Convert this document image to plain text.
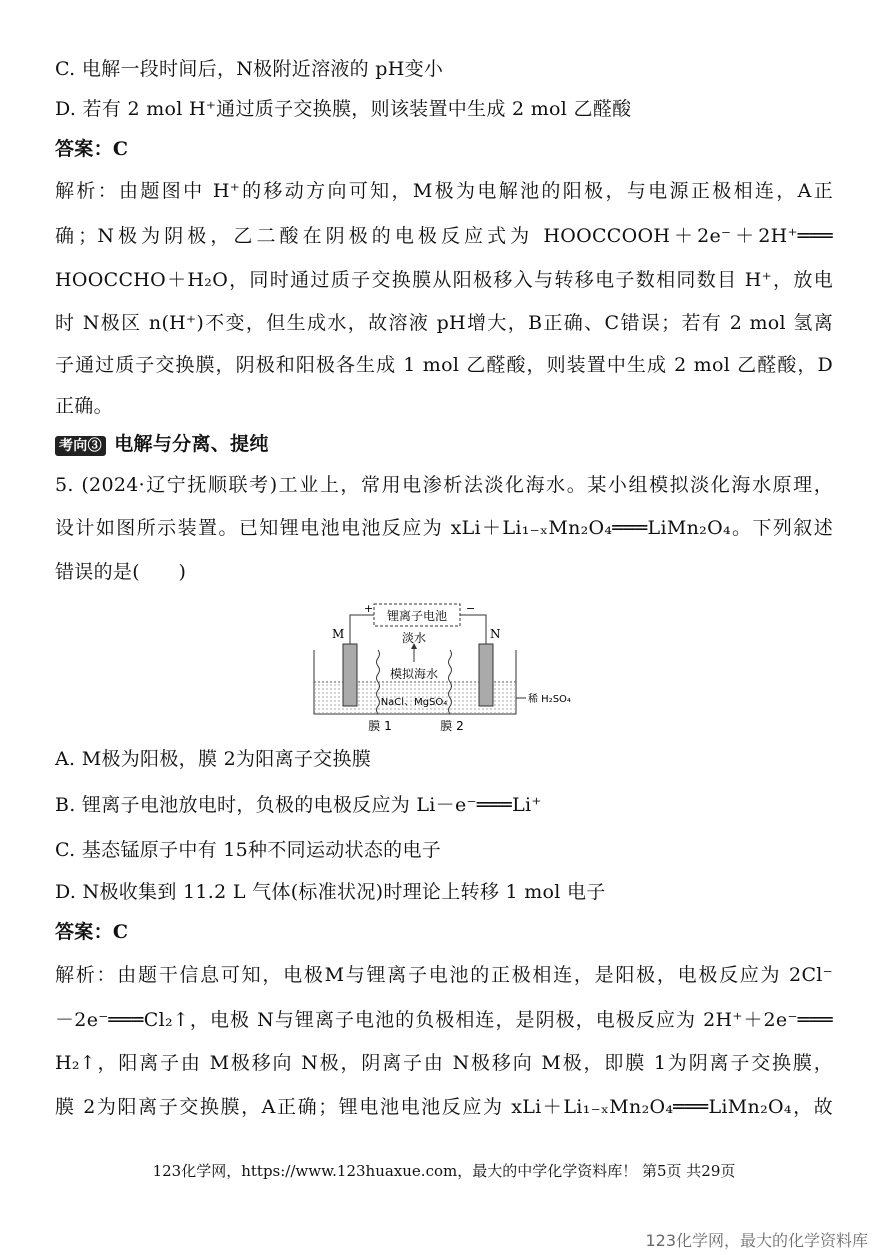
C. 电解一段时间后，N极附近溶液的 pH变小
D. 若有 2 mol H⁺通过质子交换膜，则该装置中生成 2 mol 乙醛酸
答案：C
解析：由题图中 H⁺的移动方向可知，M极为电解池的阳极，与电源正极相连，A正
确；N极为阴极，乙二酸在阴极的电极反应式为 HOOCCOOH＋2e⁻＋2H⁺═══
HOOCCHO＋H₂O，同时通过质子交换膜从阳极移入与转移电子数相同数目 H⁺，放电
时 N极区 n(H⁺)不变，但生成水，故溶液 pH增大，B正确、C错误；若有 2 mol 氢离
子通过质子交换膜，阴极和阳极各生成 1 mol 乙醛酸，则装置中生成 2 mol 乙醛酸，D
正确。
考向③ 电解与分离、提纯
5. (2024·辽宁抚顺联考)工业上，常用电渗析法淡化海水。某小组模拟淡化海水原理，
设计如图所示装置。已知锂电池电池反应为 xLi＋Li₁₋ₓMn₂O₄═══LiMn₂O₄。下列叙述
错误的是(　　)
锂离子电池
+	−
M	N
淡水
模拟海水
NaCl、MgSO₄	稀 H₂SO₄
膜 1	膜 2
A. M极为阳极，膜 2为阳离子交换膜
B. 锂离子电池放电时，负极的电极反应为 Li－e⁻═══Li⁺
C. 基态锰原子中有 15种不同运动状态的电子
D. N极收集到 11.2 L 气体(标准状况)时理论上转移 1 mol 电子
答案：C
解析：由题干信息可知，电极M与锂离子电池的正极相连，是阳极，电极反应为 2Cl⁻
－2e⁻═══Cl₂↑，电极 N与锂离子电池的负极相连，是阴极，电极反应为 2H⁺＋2e⁻═══
H₂↑，阳离子由 M极移向 N极，阴离子由 N极移向 M极，即膜 1为阴离子交换膜，
膜 2为阳离子交换膜，A正确；锂电池电池反应为 xLi＋Li₁₋ₓMn₂O₄═══LiMn₂O₄，故
123化学网，https://www.123huaxue.com，最大的中学化学资料库！ 第5页 共29页
123化学网，最大的化学资料库
